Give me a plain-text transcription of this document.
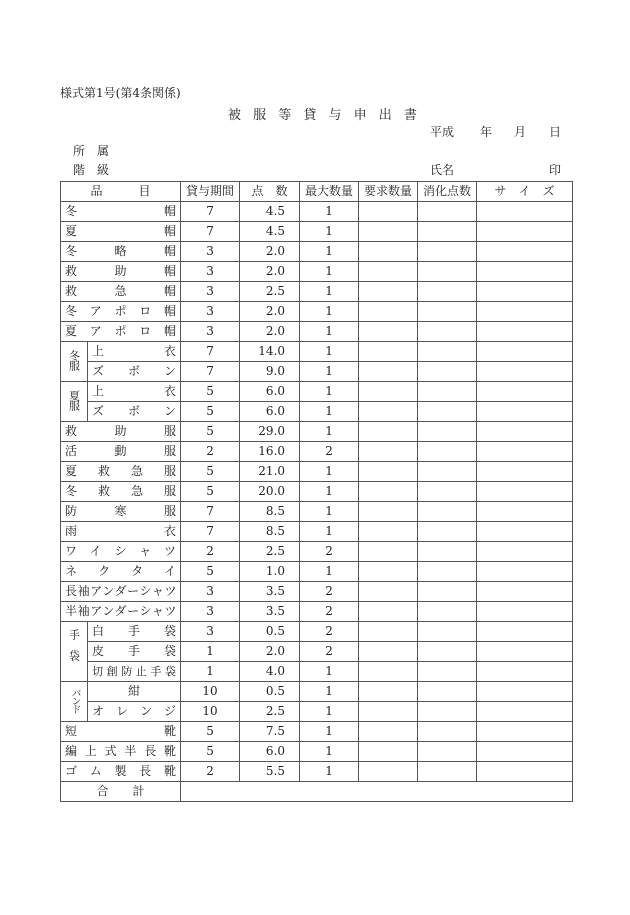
様式第1号(第4条関係)
被 服 等 貸 与 申 出 書
平成 年 月 日
所　属
階　級	氏名	印
品　　　目		貸与期間	点　数	最大数量	要求数量	消化点数	サ　イ　ズ
冬帽		7	4.5	1			
夏帽		7	4.5	1			
冬略帽		3	2.0	1			
救助帽		3	2.0	1			
救急帽		3	2.5	1			
冬アポロ帽		3	2.0	1			
夏アポロ帽		3	2.0	1			
冬服	上衣	7	14.0	1			
	ズボン	7	9.0	1			
夏服	上衣	5	6.0	1			
	ズボン	5	6.0	1			
救助服		5	29.0	1			
活動服		2	16.0	2			
夏救急服		5	21.0	1			
冬救急服		5	20.0	1			
防寒服		7	8.5	1			
雨衣		7	8.5	1			
ワイシャツ		2	2.5	2			
ネクタイ		5	1.0	1			
長袖アンダーシャツ		3	3.5	2			
半袖アンダーシャツ		3	3.5	2			
手袋	白手袋	3	0.5	2			
	皮手袋	1	2.0	2			
	切創防止手袋	1	4.0	1			
バンド	紺	10	0.5	1			
	オレンジ	10	2.5	1			
短靴		5	7.5	1			
編上式半長靴		5	6.0	1			
ゴム製長靴		2	5.5	1			
合　　計							
